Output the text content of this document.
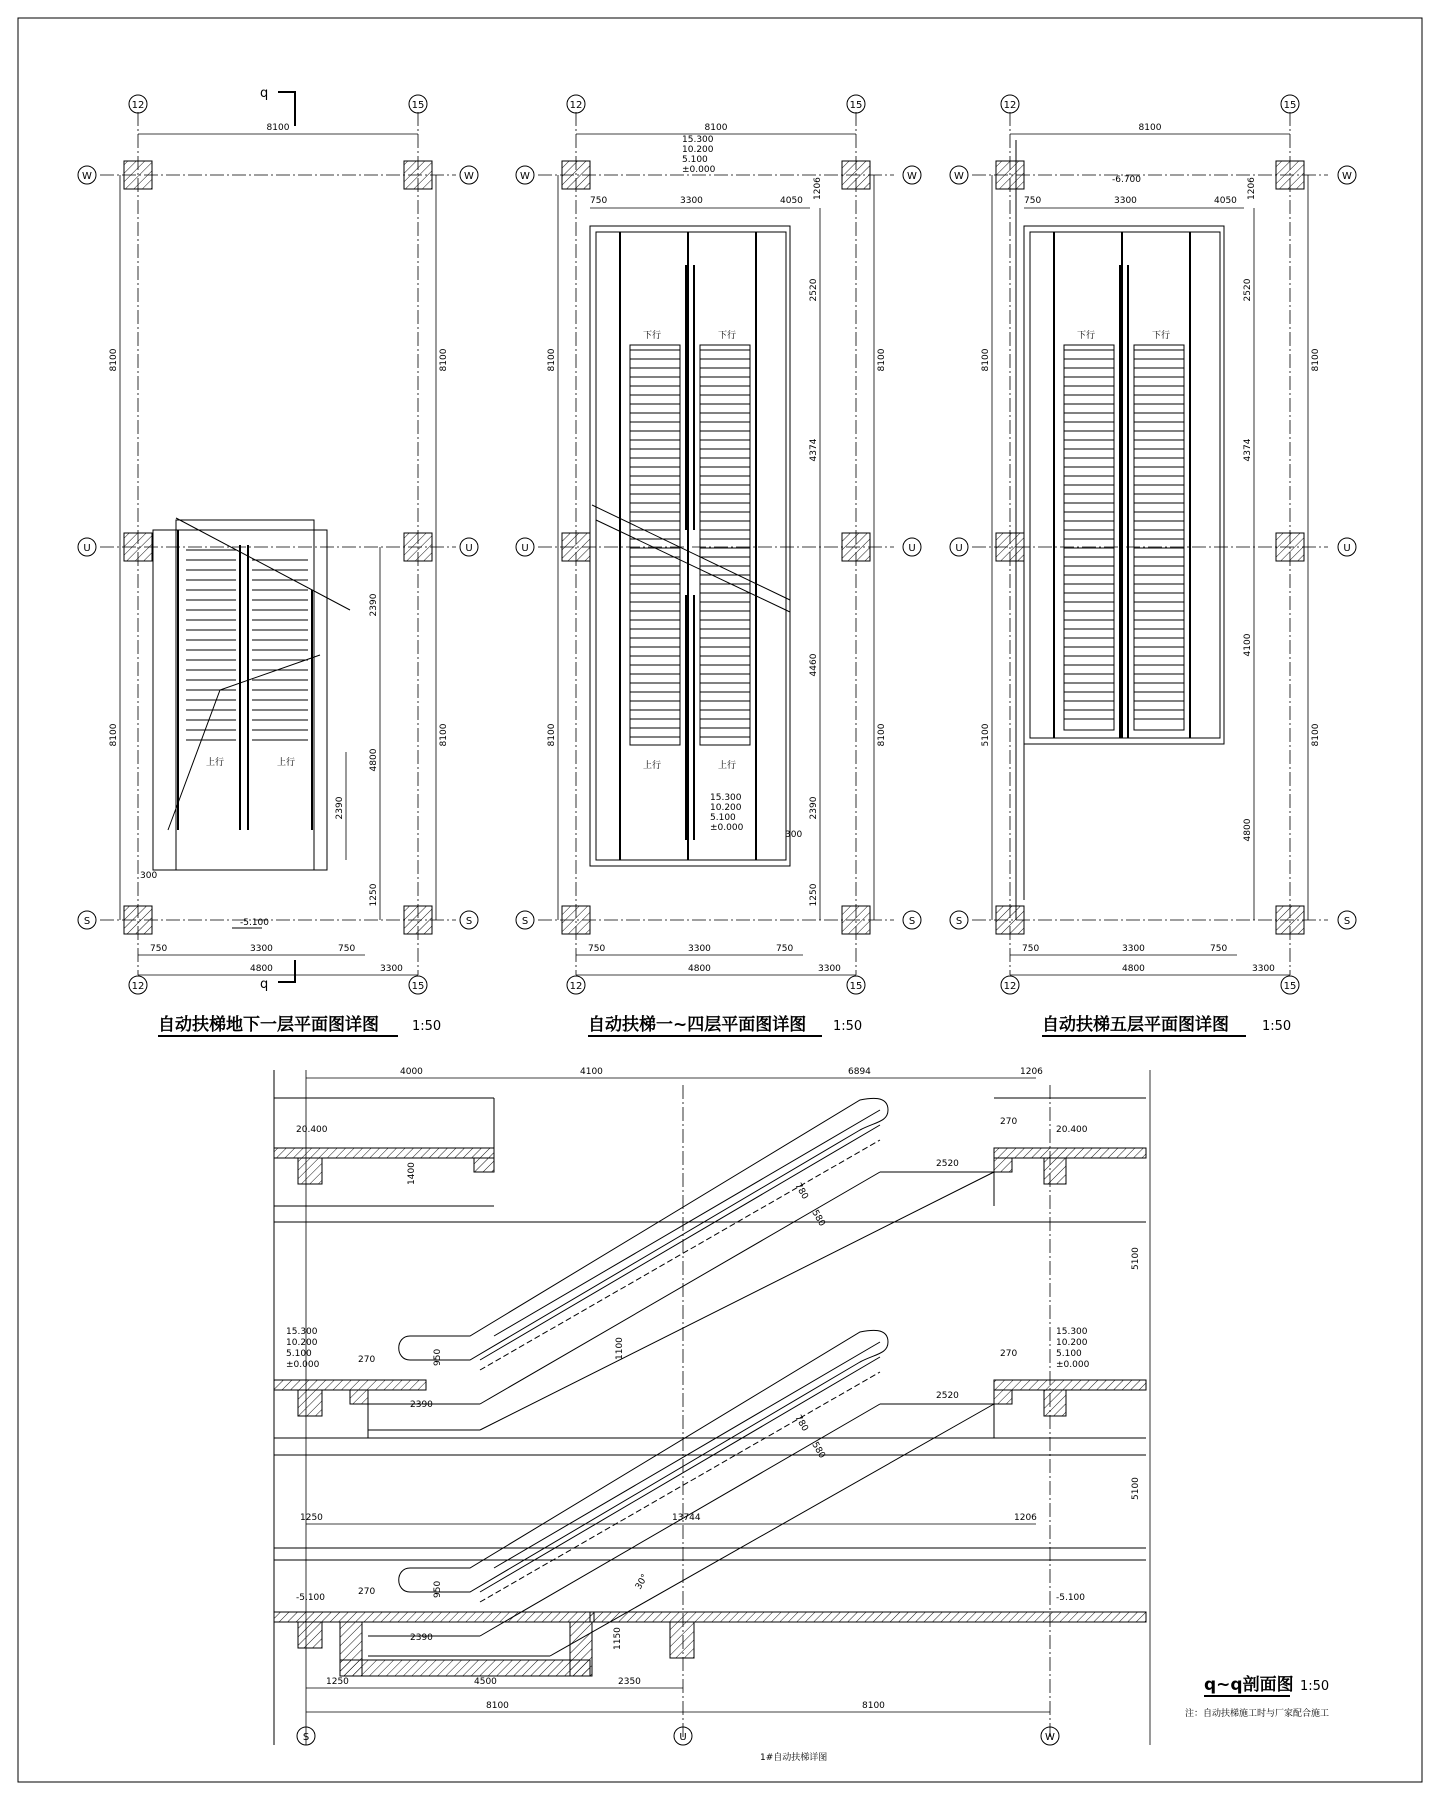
12	15
12	15
W	W
U	U
S	S
8100
8100
8100
8100
8100
750	3300	750
4800	3300
2390
4800
2390
1250
300
上行	上行
-5.100
q
q
自动扶梯地下一层平面图详图	1:50
12	15
12	15
W	W
U	U
S	S
8100
8100
8100
8100
8100
750	3300	4050
1206
2520
4374
4460
2390
1250
300
750	3300	750
4800	3300
下行	下行
上行	上行
15.300
10.200
5.100
±0.000
15.300
10.200
5.100
±0.000
自动扶梯一~四层平面图详图 1:50
12	15
12	15
W	W
U	U
S	S
8100
8100
5100
8100
8100
750	3300	4050
1206
2520
4374
4100
4800
750	3300	750
4800	3300
下行	下行
-6.700
自动扶梯五层平面图详图	1:50
4000	4100	6894	1206
20.400	20.400
15.300
10.200
5.100
±0.000
15.300
10.200
5.100
±0.000
-5.100	-5.100
1250	13744	1206
2520
2390
2520
2390
1400
1100
1150
950
950
270
270
270
270
780
580
780
580
5100
5100
30°
1250	4500	2350
8100	8100
S	U	W
q~q剖面图 1:50
注：自动扶梯施工时与厂家配合施工
1#自动扶梯详图
